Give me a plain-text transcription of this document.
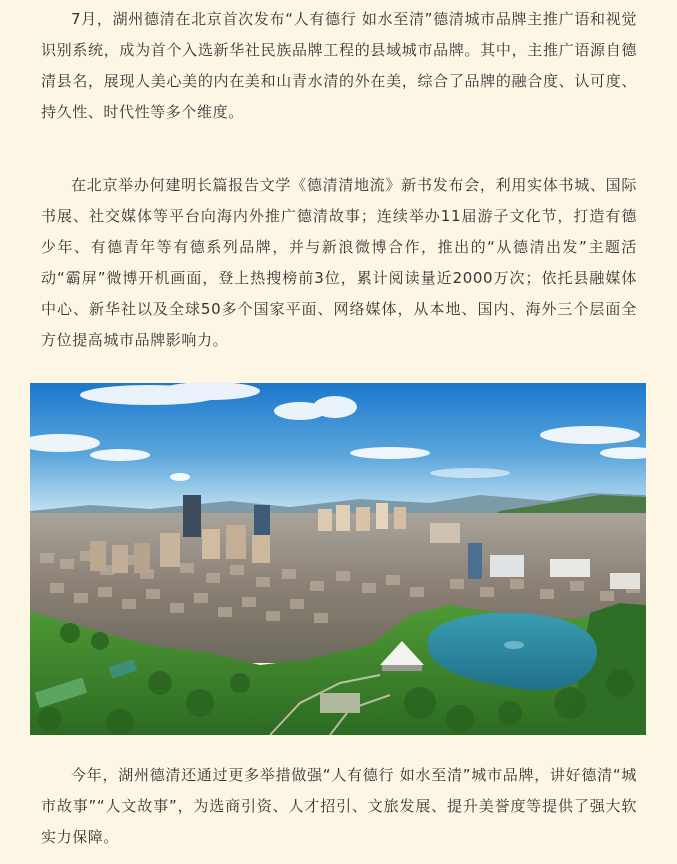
7月，湖州德清在北京首次发布“人有德行 如水至清”德清城市品牌主推广语和视觉识别系统，成为首个入选新华社民族品牌工程的县域城市品牌。其中，主推广语源自德清县名，展现人美心美的内在美和山青水清的外在美，综合了品牌的融合度、认可度、持久性、时代性等多个维度。

在北京举办何建明长篇报告文学《德清清地流》新书发布会，利用实体书城、国际书展、社交媒体等平台向海内外推广德清故事；连续举办11届游子文化节，打造有德少年、有德青年等有德系列品牌，并与新浪微博合作，推出的“从德清出发”主题活动“霸屏”微博开机画面，登上热搜榜前3位，累计阅读量近2000万次；依托县融媒体中心、新华社以及全球50多个国家平面、网络媒体，从本地、国内、海外三个层面全方位提高城市品牌影响力。

今年，湖州德清还通过更多举措做强“人有德行 如水至清”城市品牌，讲好德清“城市故事”“人文故事”，为选商引资、人才招引、文旅发展、提升美誉度等提供了强大软实力保障。
